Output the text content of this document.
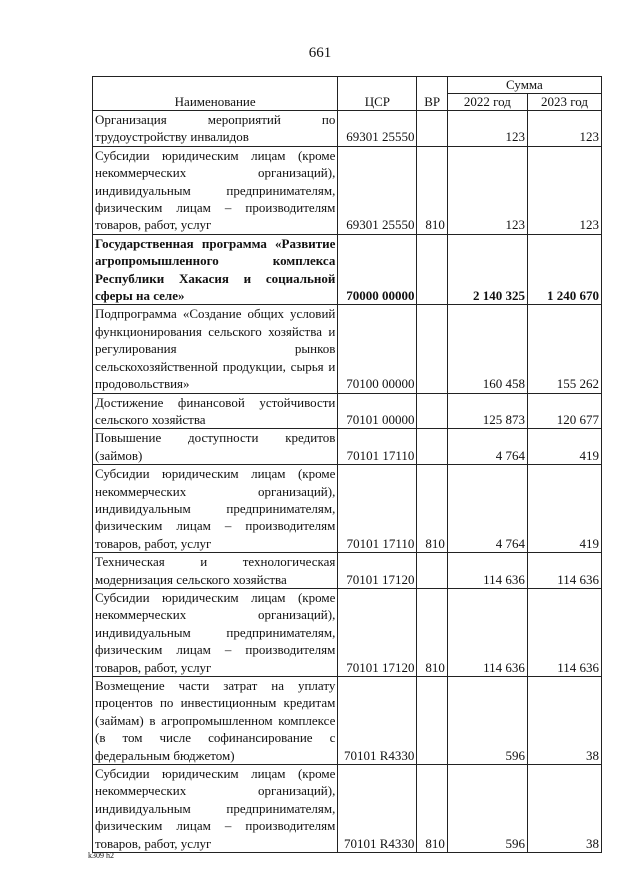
661
Наименование	ЦСР	ВР	Сумма	
			2022 год	2023 год
Организация мероприятий по трудоустройству инвалидов	69301 25550		123	123
Субсидии юридическим лицам (кроме некоммерческих организаций), индивидуальным предпринимателям, физическим лицам – производителям товаров, работ, услуг	69301 25550	810	123	123
Государственная программа «Развитие агропромышленного комплекса Республики Хакасия и социальной сферы на селе»	70000 00000		2 140 325	1 240 670
Подпрограмма «Создание общих условий функционирования сельского хозяйства и регулирования рынков сельскохозяйственной продукции, сырья и продовольствия»	70100 00000		160 458	155 262
Достижение финансовой устойчивости сельского хозяйства	70101 00000		125 873	120 677
Повышение доступности кредитов (займов)	70101 17110		4 764	419
Субсидии юридическим лицам (кроме некоммерческих организаций), индивидуальным предпринимателям, физическим лицам – производителям товаров, работ, услуг	70101 17110	810	4 764	419
Техническая и технологическая модернизация сельского хозяйства	70101 17120		114 636	114 636
Субсидии юридическим лицам (кроме некоммерческих организаций), индивидуальным предпринимателям, физическим лицам – производителям товаров, работ, услуг	70101 17120	810	114 636	114 636
Возмещение части затрат на уплату процентов по инвестиционным кредитам (займам) в агропромышленном комплексе (в том числе софинансирование с федеральным бюджетом)	70101 R4330		596	38
Субсидии юридическим лицам (кроме некоммерческих организаций), индивидуальным предпринимателям, физическим лицам – производителям товаров, работ, услуг	70101 R4330	810	596	38
k309 h2
